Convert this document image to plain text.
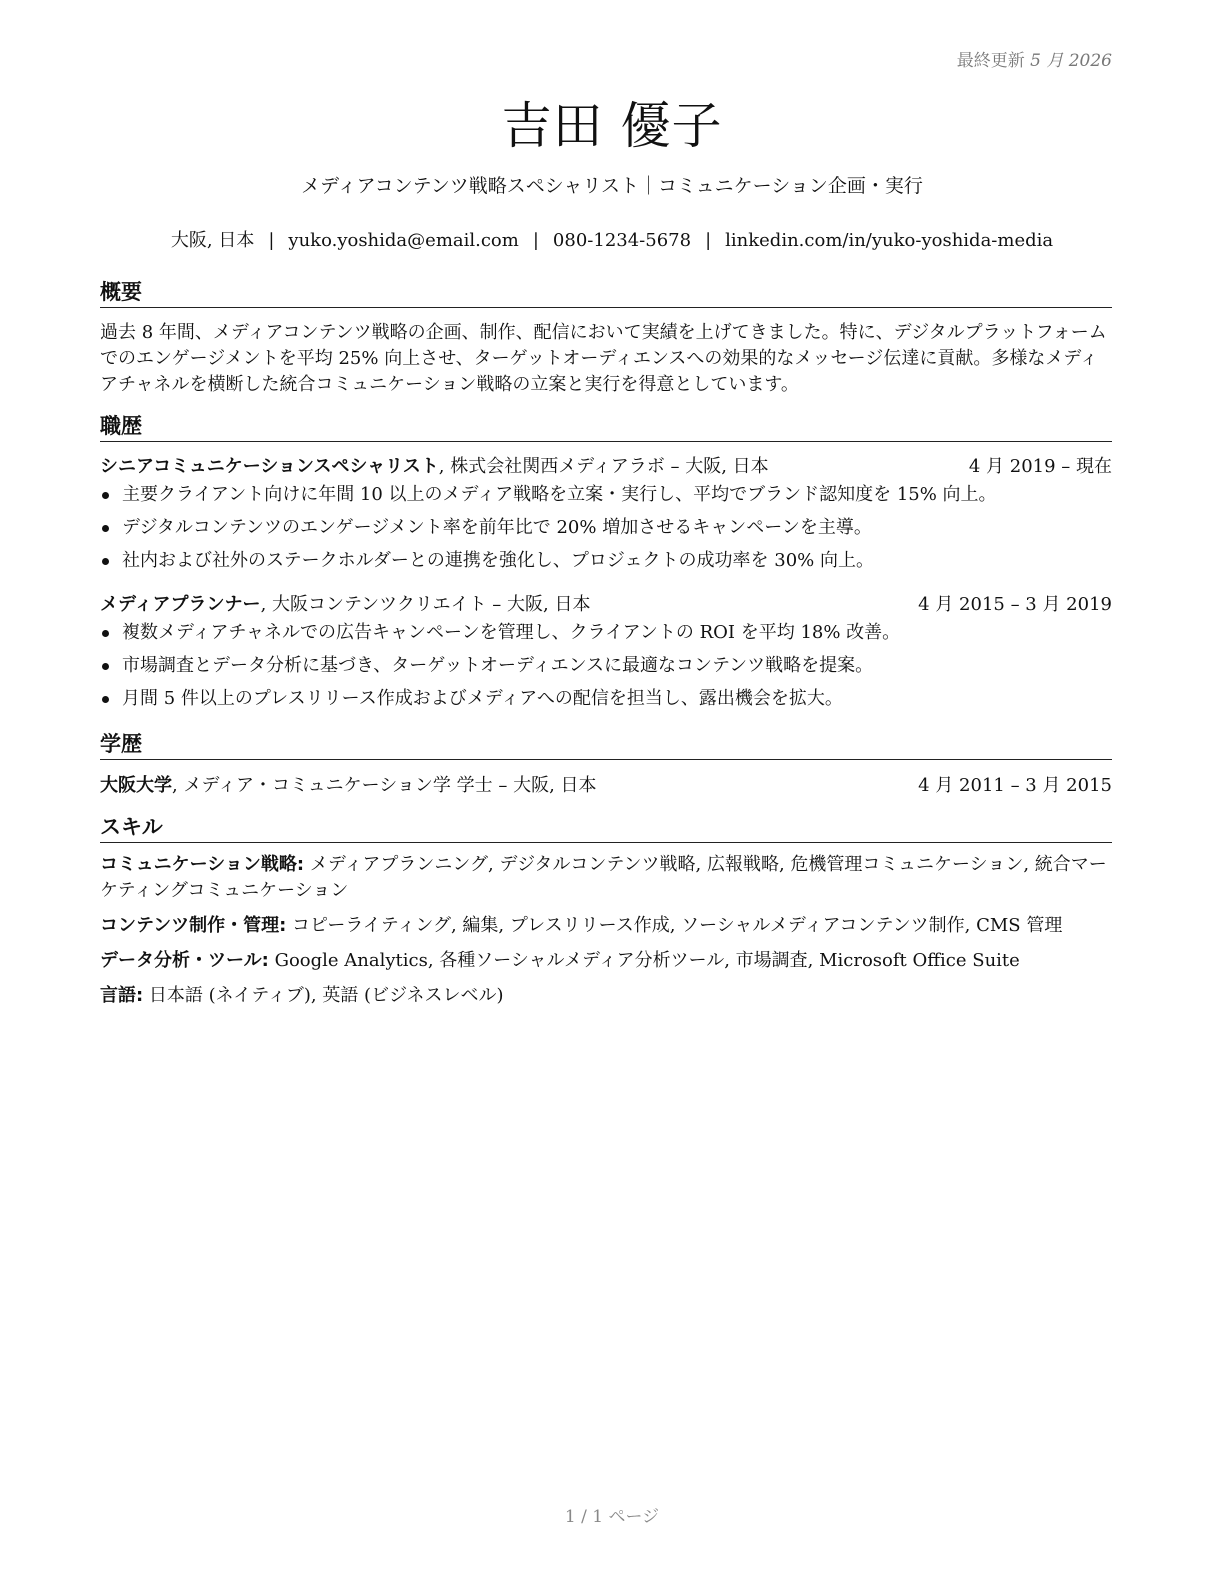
最終更新 5 月 2026
吉田 優子
メディアコンテンツ戦略スペシャリスト｜コミュニケーション企画・実行
大阪, 日本 | yuko.yoshida@email.com | 080-1234-5678 | linkedin.com/in/yuko-yoshida-media
概要

過去 8 年間、メディアコンテンツ戦略の企画、制作、配信において実績を上げてきました。特に、デジタルプラットフォームでのエンゲージメントを平均 25% 向上させ、ターゲットオーディエンスへの効果的なメッセージ伝達に貢献。多様なメディアチャネルを横断した統合コミュニケーション戦略の立案と実行を得意としています。

職歴
シニアコミュニケーションスペシャリスト, 株式会社関西メディアラボ – 大阪, 日本	4 月 2019 – 現在
主要クライアント向けに年間 10 以上のメディア戦略を立案・実行し、平均でブランド認知度を 15% 向上。
デジタルコンテンツのエンゲージメント率を前年比で 20% 増加させるキャンペーンを主導。
社内および社外のステークホルダーとの連携を強化し、プロジェクトの成功率を 30% 向上。
メディアプランナー, 大阪コンテンツクリエイト – 大阪, 日本	4 月 2015 – 3 月 2019
複数メディアチャネルでの広告キャンペーンを管理し、クライアントの ROI を平均 18% 改善。
市場調査とデータ分析に基づき、ターゲットオーディエンスに最適なコンテンツ戦略を提案。
月間 5 件以上のプレスリリース作成およびメディアへの配信を担当し、露出機会を拡大。
学歴
大阪大学, メディア・コミュニケーション学 学士 – 大阪, 日本	4 月 2011 – 3 月 2015
スキル
コミュニケーション戦略: メディアプランニング, デジタルコンテンツ戦略, 広報戦略, 危機管理コミュニケーション, 統合マーケティングコミュニケーション
コンテンツ制作・管理: コピーライティング, 編集, プレスリリース作成, ソーシャルメディアコンテンツ制作, CMS 管理
データ分析・ツール: Google Analytics, 各種ソーシャルメディア分析ツール, 市場調査, Microsoft Office Suite
言語: 日本語 (ネイティブ), 英語 (ビジネスレベル)
1 / 1 ページ
